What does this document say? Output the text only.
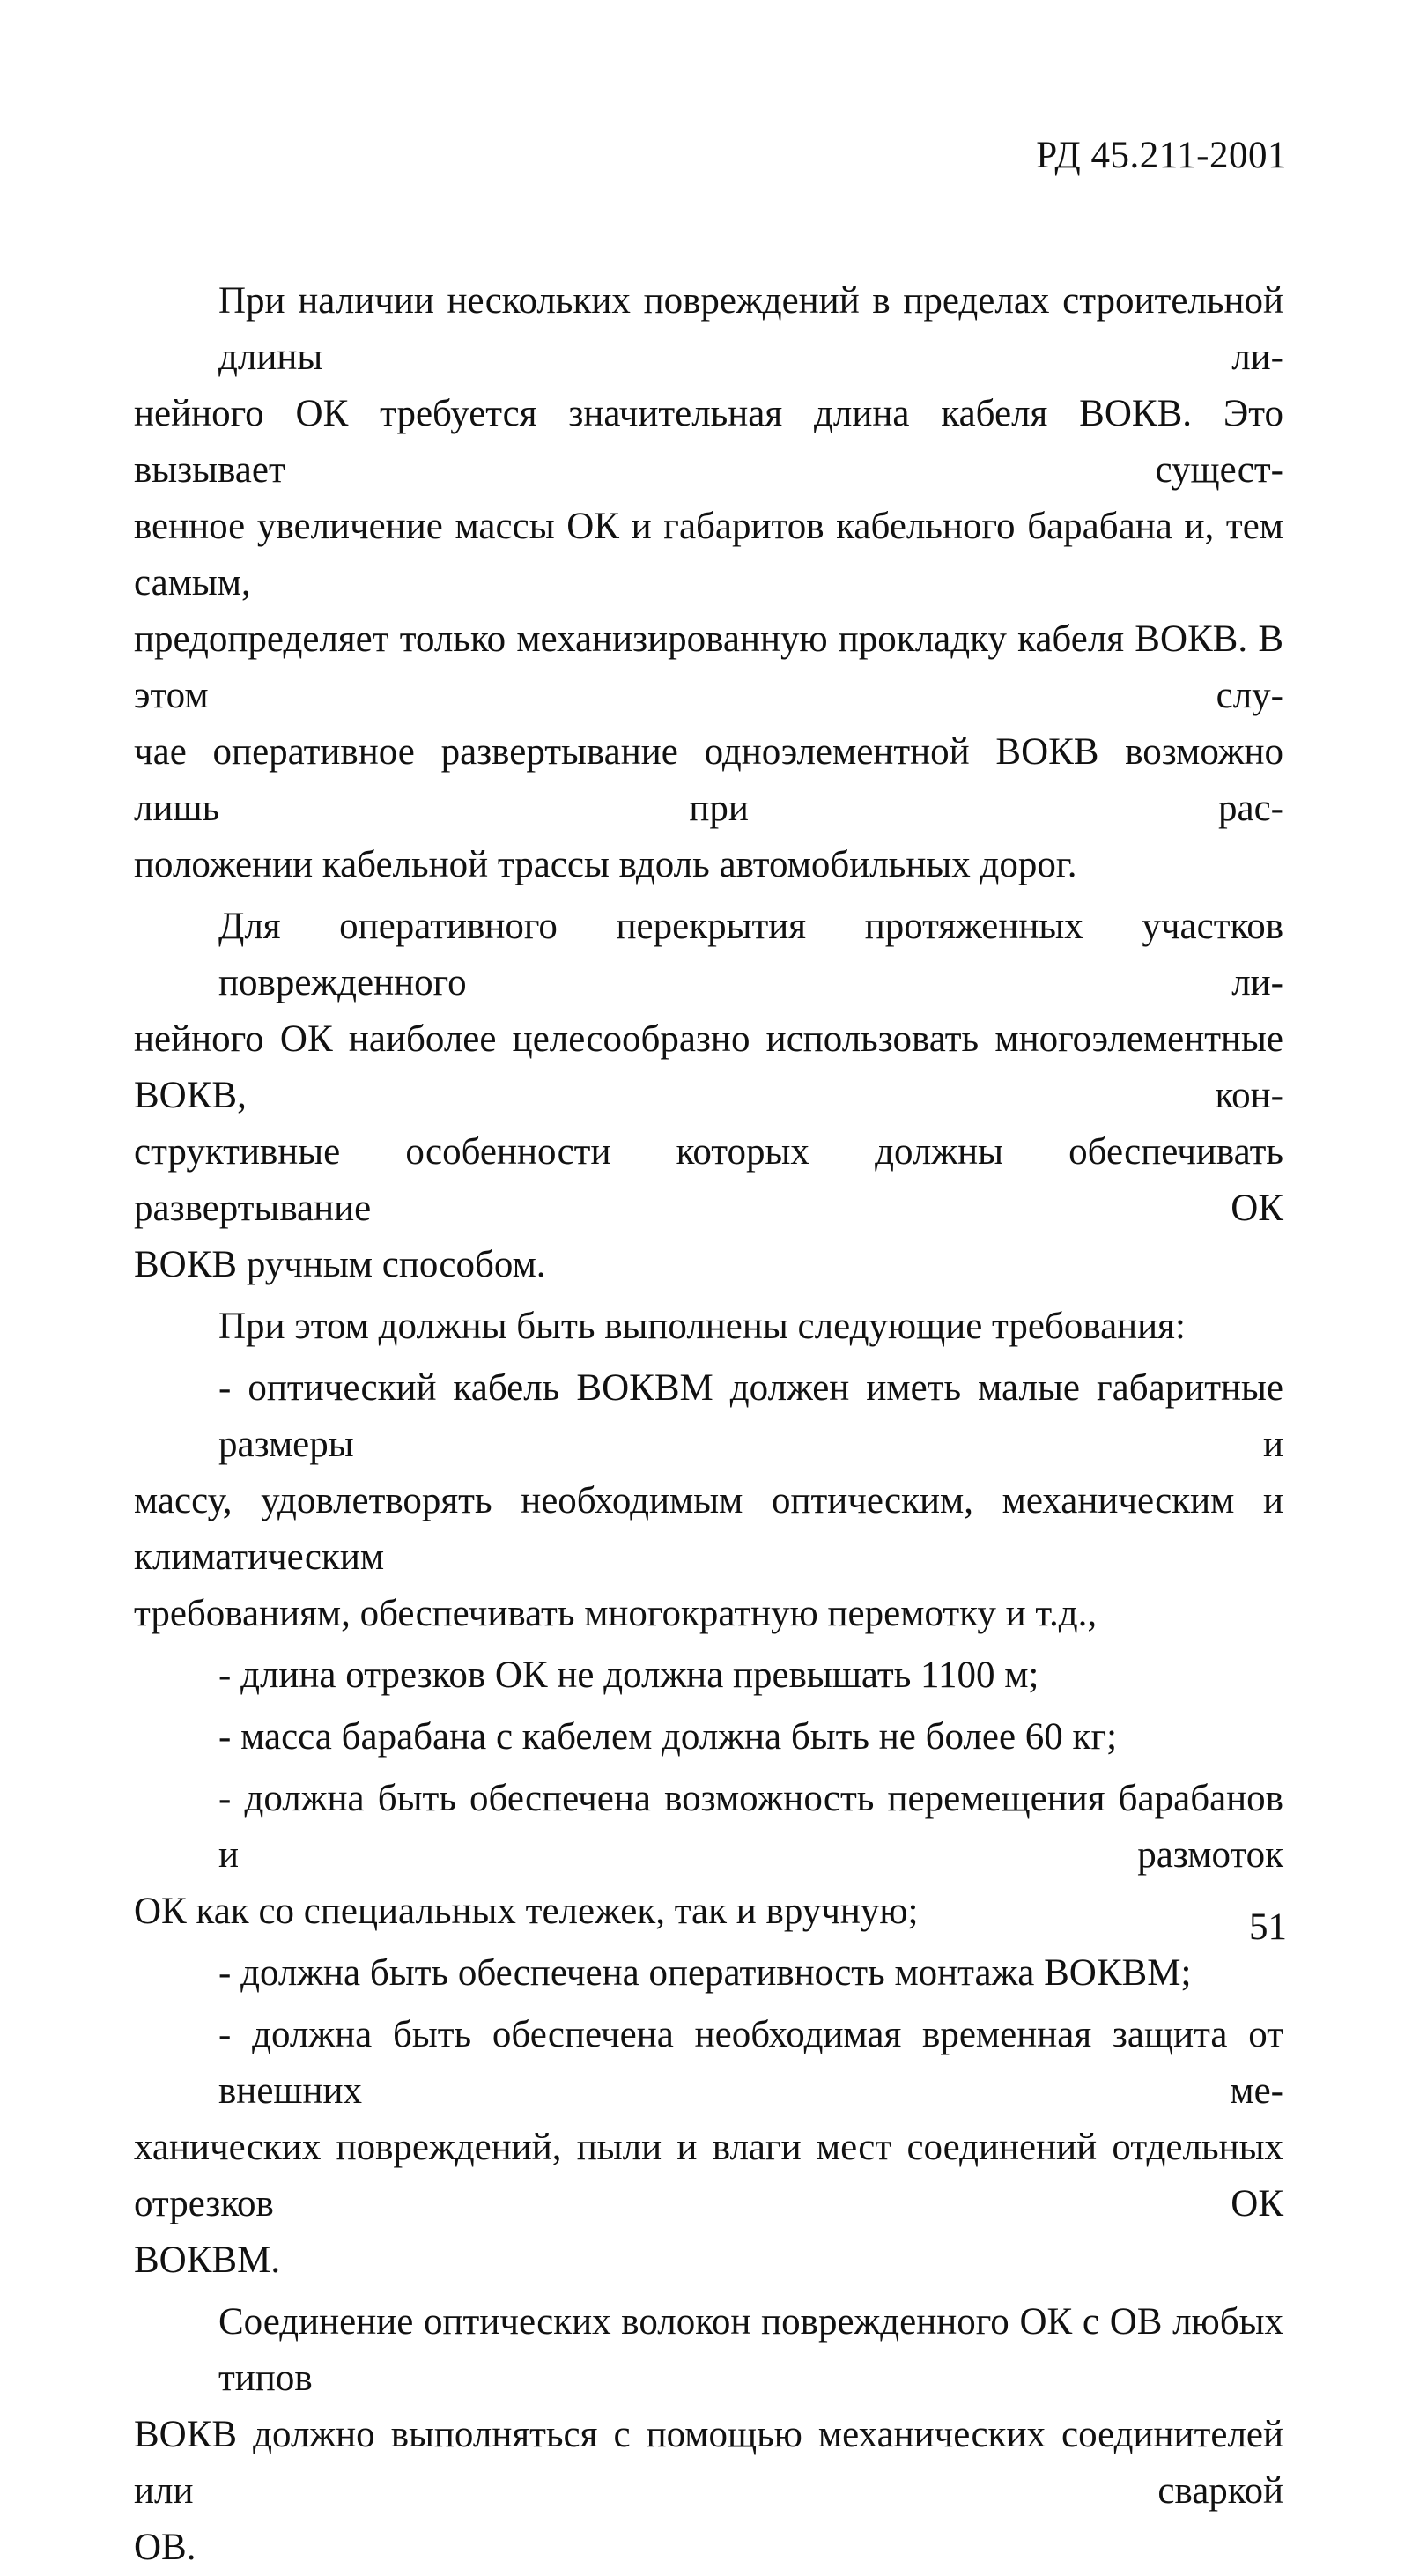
РД 45.211-2001

При наличии нескольких повреждений в пределах строительной длины ли-
нейного ОК требуется значительная длина кабеля ВОКВ. Это вызывает сущест-
венное увеличение массы ОК и габаритов кабельного барабана и, тем самым,
предопределяет только механизированную прокладку кабеля ВОКВ. В этом слу-
чае оперативное развертывание одноэлементной ВОКВ возможно лишь при рас-
положении кабельной трассы вдоль автомобильных дорог.

Для оперативного перекрытия протяженных участков поврежденного ли-
нейного ОК наиболее целесообразно использовать многоэлементные ВОКВ, кон-
структивные особенности которых должны обеспечивать развертывание ОК
ВОКВ ручным способом.

При этом должны быть выполнены следующие требования:

- оптический кабель ВОКВМ должен иметь малые габаритные размеры и
массу, удовлетворять необходимым оптическим, механическим и климатическим
требованиям, обеспечивать многократную перемотку и т.д.,

- длина отрезков ОК не должна превышать 1100 м;

- масса барабана с кабелем должна быть не более 60 кг;

- должна быть обеспечена возможность перемещения барабанов и размоток
ОК как со специальных тележек, так и вручную;

- должна быть обеспечена оперативность монтажа ВОКВМ;

- должна быть обеспечена необходимая временная защита от внешних ме-
ханических повреждений, пыли и влаги мест соединений отдельных отрезков ОК
ВОКВМ.

Соединение оптических волокон поврежденного ОК с ОВ любых типов
ВОКВ должно выполняться с помощью механических соединителей или сваркой
ОВ.

51
